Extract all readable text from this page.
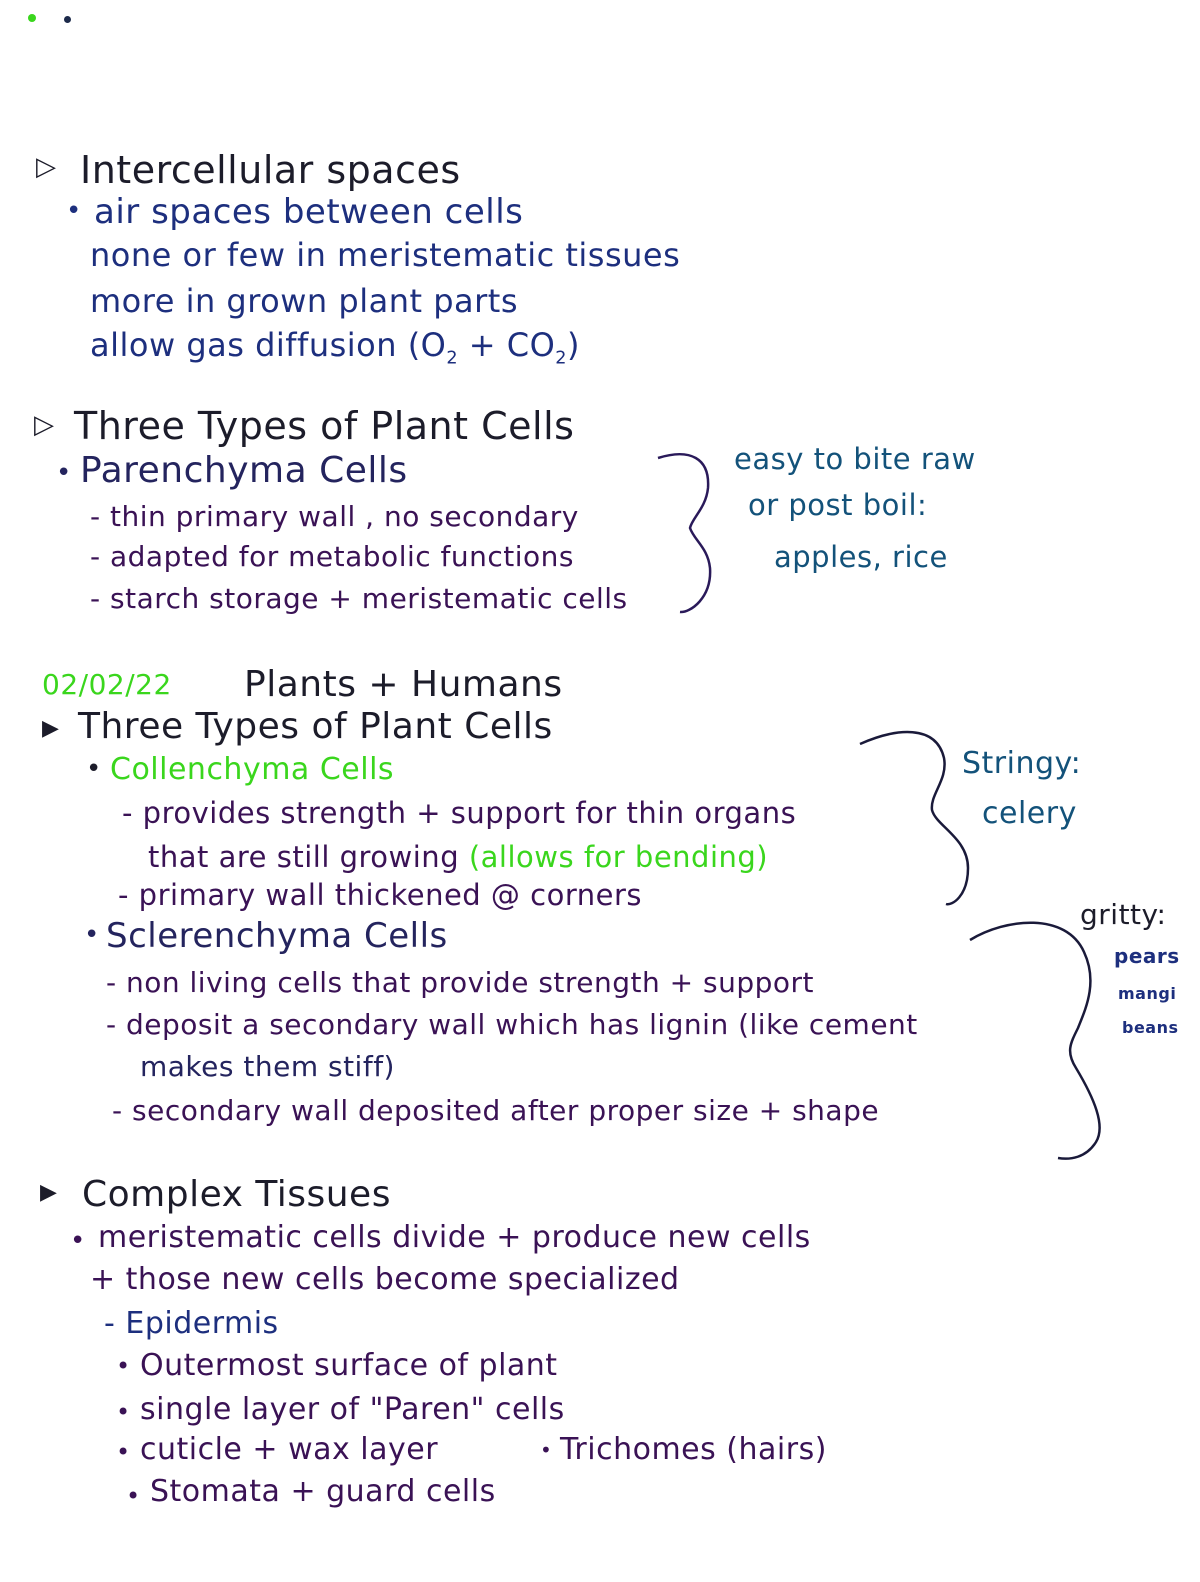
▷ Intercellular spaces
• air spaces between cells
none or few in meristematic tissues
more in grown plant parts
allow gas diffusion $(O_2 + CO_2)$
▷ Three Types of Plant Cells
• Parenchyma Cells
- thin primary wall , no secondary
- adapted for metabolic functions
- starch storage + meristematic cells
easy to bite raw
or post boil:
apples, rice
02/02/22 Plants + Humans
▶ Three Types of Plant Cells
• Collenchyma Cells
- provides strength + support for thin organs
that are still growing (allows for bending)
- primary wall thickened @ corners
Stringy:
celery
• Sclerenchyma Cells
- non living cells that provide strength + support
- deposit a secondary wall which has lignin (like cement
makes them stiff)
- secondary wall deposited after proper size + shape
gritty:
pears
mangi
beans
▶ Complex Tissues
• meristematic cells divide + produce new cells
+ those new cells become specialized
- Epidermis
• Outermost surface of plant
• single layer of "Paren" cells
• cuticle + wax layer	• Trichomes (hairs)
• Stomata + guard cells
